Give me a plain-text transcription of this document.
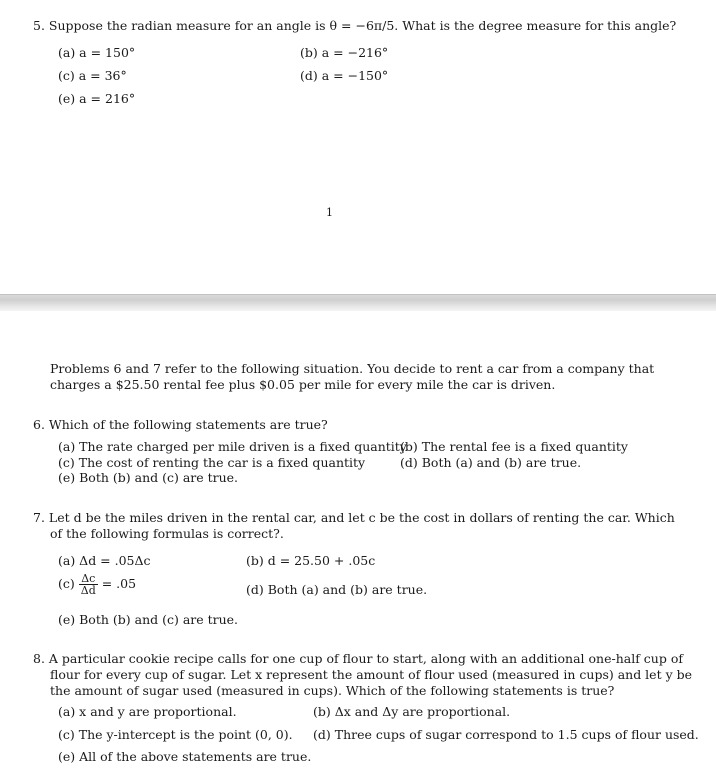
5. Suppose the radian measure for an angle is θ = −6π/5. What is the degree measure for this angle?
(a) a = 150°	(b) a = −216°
(c) a = 36°	(d) a = −150°
(e) a = 216°
1
Problems 6 and 7 refer to the following situation. You decide to rent a car from a company that
charges a $25.50 rental fee plus $0.05 per mile for every mile the car is driven.
6. Which of the following statements are true?
(a) The rate charged per mile driven is a fixed quantity
(b) The rental fee is a fixed quantity
(c) The cost of renting the car is a fixed quantity	(d) Both (a) and (b) are true.
(e) Both (b) and (c) are true.
7. Let d be the miles driven in the rental car, and let c be the cost in dollars of renting the car. Which
of the following formulas is correct?.
(a) Δd = .05Δc	(b) d = 25.50 + .05c
$(c) \frac{\Delta c}{\Delta d} = .05$	(d) Both (a) and (b) are true.
(e) Both (b) and (c) are true.
8. A particular cookie recipe calls for one cup of flour to start, along with an additional one-half cup of
flour for every cup of sugar. Let x represent the amount of flour used (measured in cups) and let y be
the amount of sugar used (measured in cups). Which of the following statements is true?
(a) x and y are proportional.	(b) Δx and Δy are proportional.
(c) The y-intercept is the point (0, 0). (d) Three cups of sugar correspond to 1.5 cups of flour used.
(e) All of the above statements are true.
